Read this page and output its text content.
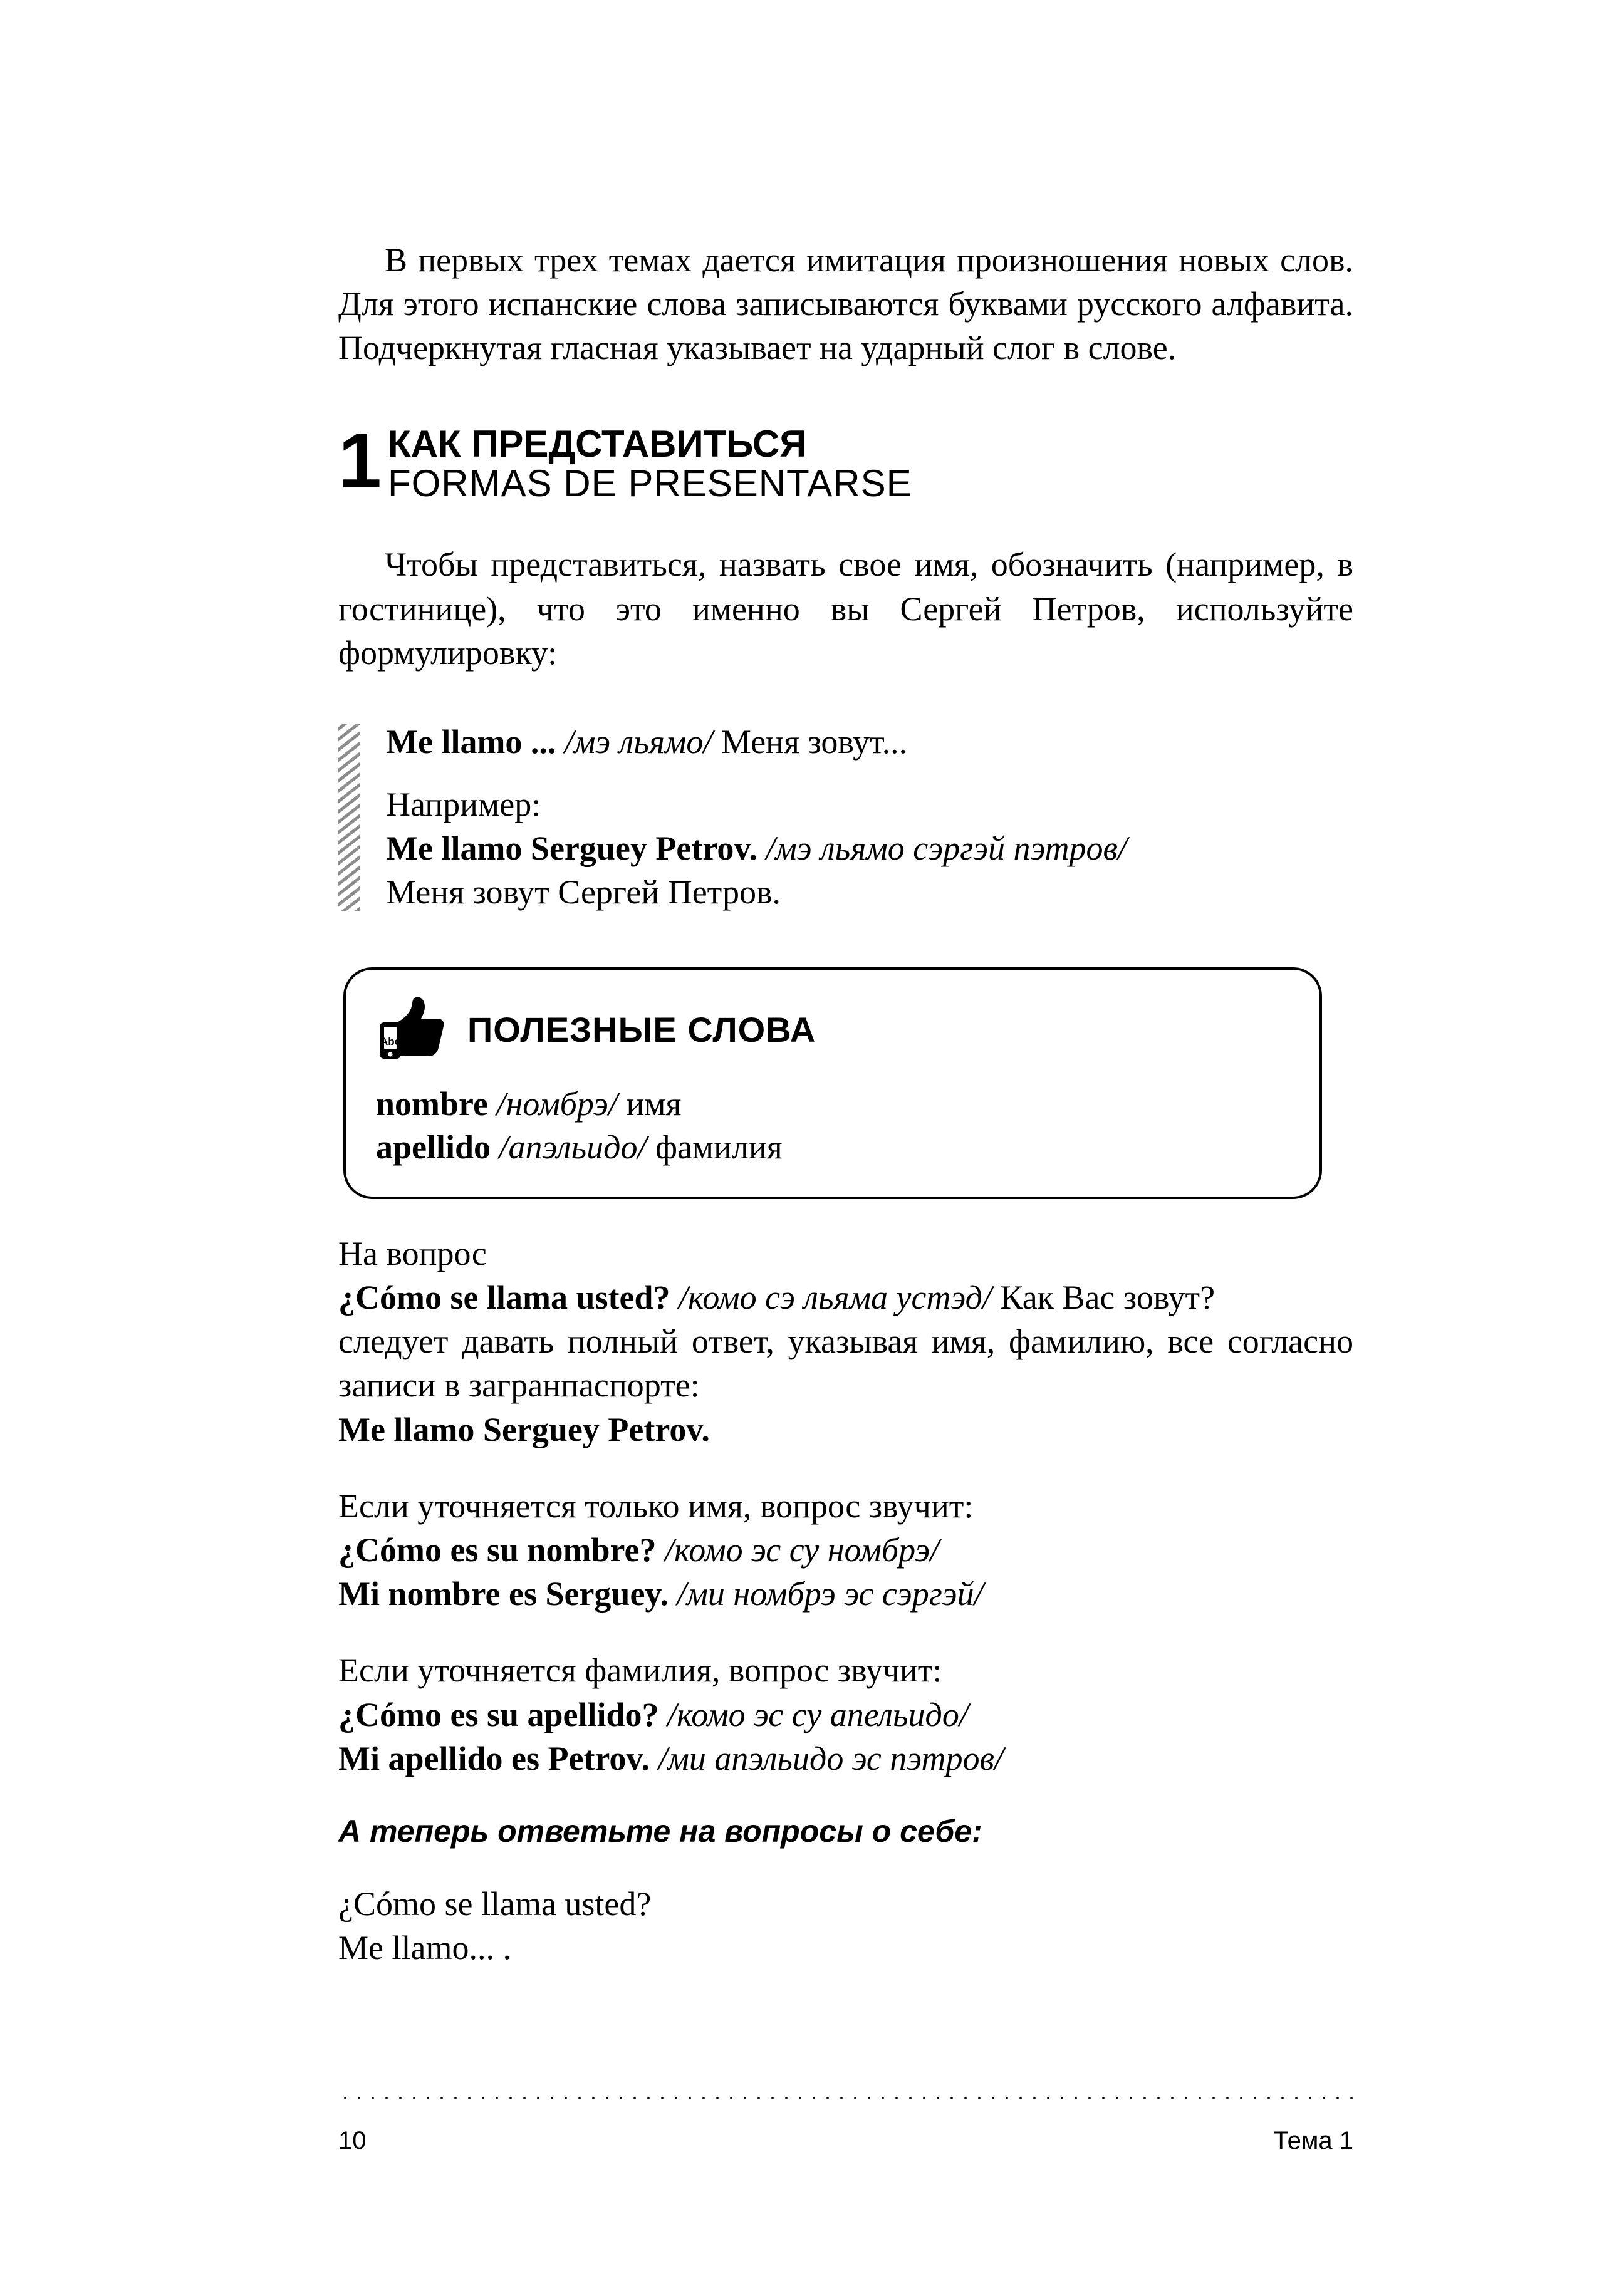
В первых трех темах дается имитация произношения новых слов. Для этого испанские слова записываются буквами русского алфавита. Подчеркнутая гласная указывает на ударный слог в слове.

1 КАК ПРЕДСТАВИТЬСЯ
FORMAS DE PRESENTARSE

Чтобы представиться, назвать свое имя, обозначить (например, в гостинице), что это именно вы Сергей Петров, используйте формулировку:

Me llamo ... /мэ льямо/ Меня зовут...

Например:

Me llamo Serguey Petrov. /мэ льямо сэргэй пэтров/

Меня зовут Сергей Петров.

Abc ПОЛЕЗНЫЕ СЛОВА

nombre /номбрэ/ имя

apellido /апэльидо/ фамилия

На вопрос

¿Cómo se llama usted? /комо сэ льяма устэд/ Как Вас зовут?

следует давать полный ответ, указывая имя, фамилию, все согласно записи в загранпаспорте:

Me llamo Serguey Petrov.

Если уточняется только имя, вопрос звучит:

¿Cómo es su nombre? /комо эс су номбрэ/

Mi nombre es Serguey. /ми номбрэ эс сэргэй/

Если уточняется фамилия, вопрос звучит:

¿Cómo es su apellido? /комо эс су апельидо/

Mi apellido es Petrov. /ми апэльидо эс пэтров/

А теперь ответьте на вопросы о себе:

¿Cómo se llama usted?

Me llamo... .

10	Тема 1
